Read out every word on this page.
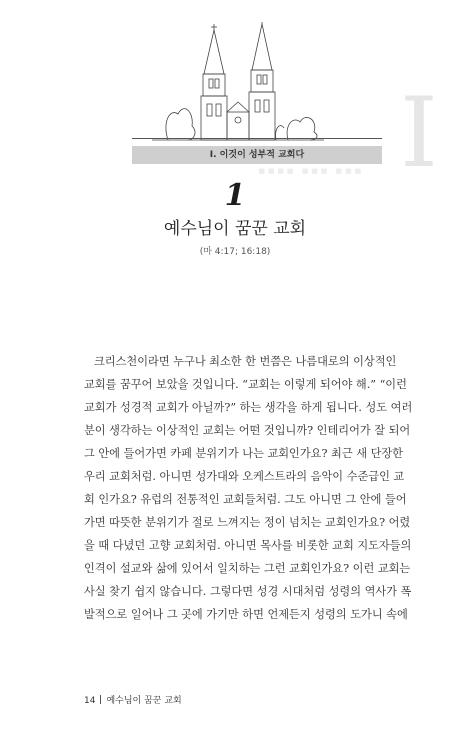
I. 이것이 성부적 교회다 I
▪▪▪▪ ▪▪▪ ▪▪▪
1
예수님이 꿈꾼 교회
(마 4:17; 16:18)
크리스천이라면 누구나 최소한 한 번쯤은 나름대로의 이상적인
교회를 꿈꾸어 보았을 것입니다. “교회는 이렇게 되어야 해.” “이런
교회가 성경적 교회가 아닐까?” 하는 생각을 하게 됩니다. 성도 여러
분이 생각하는 이상적인 교회는 어떤 것입니까? 인테리어가 잘 되어
그 안에 들어가면 카페 분위기가 나는 교회인가요? 최근 새 단장한
우리 교회처럼. 아니면 성가대와 오케스트라의 음악이 수준급인 교
회 인가요? 유럽의 전통적인 교회들처럼. 그도 아니면 그 안에 들어
가면 따뜻한 분위기가 절로 느껴지는 정이 넘치는 교회인가요? 어렸
을 때 다녔던 고향 교회처럼. 아니면 목사를 비롯한 교회 지도자들의
인격이 설교와 삶에 있어서 일치하는 그런 교회인가요? 이런 교회는
사실 찾기 쉽지 않습니다. 그렇다면 성경 시대처럼 성령의 역사가 폭
발적으로 일어나 그 곳에 가기만 하면 언제든지 성령의 도가니 속에
14 예수님이 꿈꾼 교회
